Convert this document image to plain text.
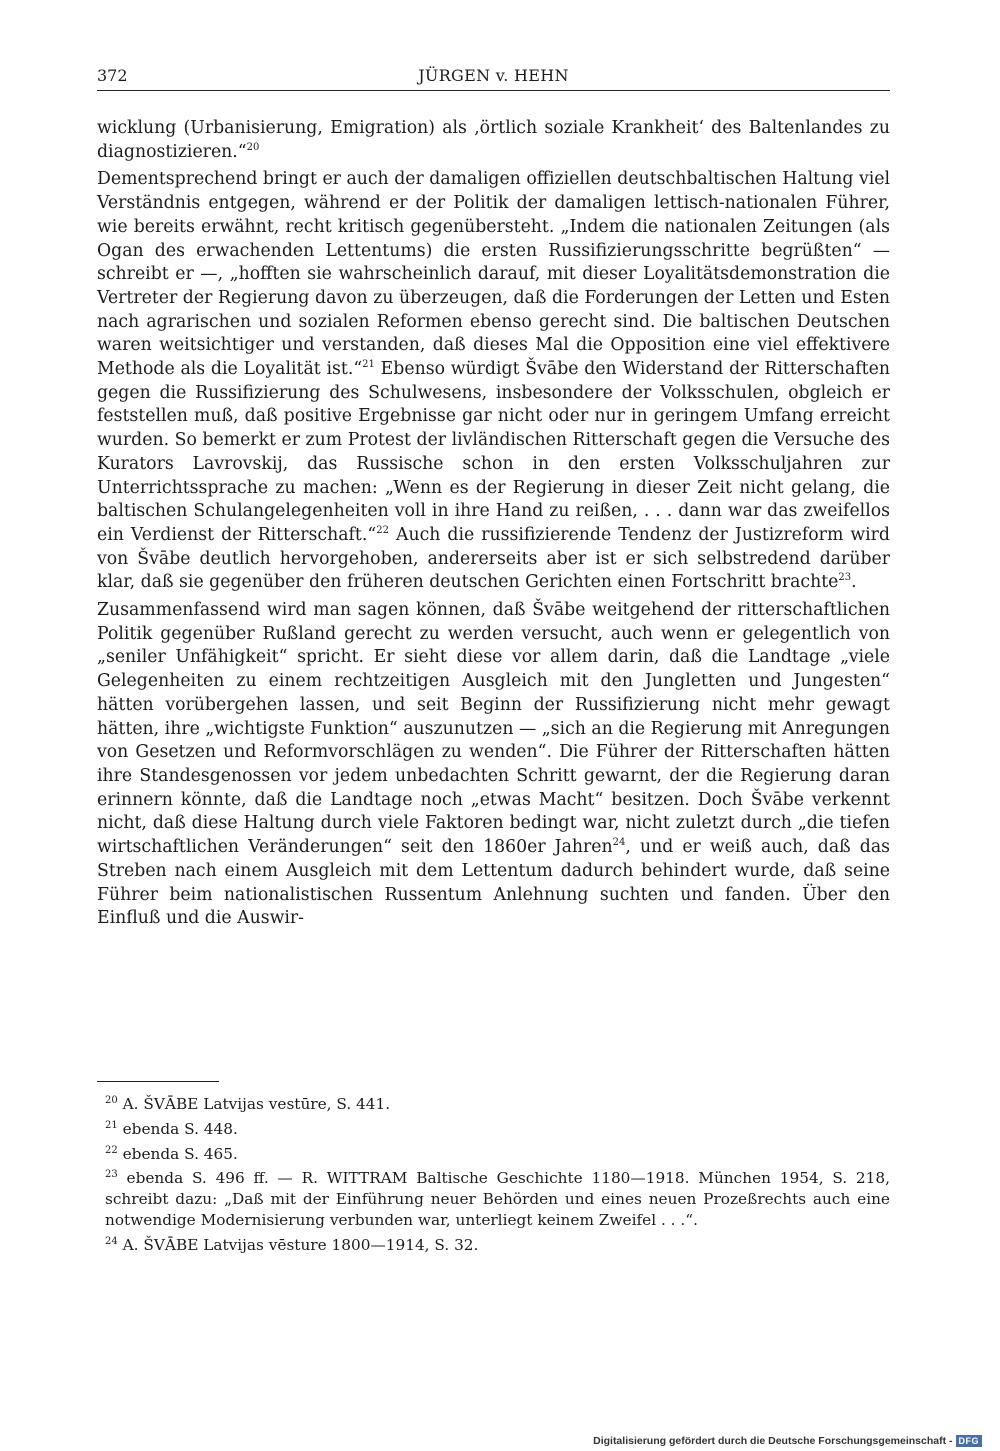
372	JÜRGEN v. HEHN

wicklung (Urbanisierung, Emigration) als ‚örtlich soziale Krankheit‘ des Baltenlandes zu diagnostizieren.“$^{20}$

Dementsprechend bringt er auch der damaligen offiziellen deutschbaltischen Haltung viel Verständnis entgegen, während er der Politik der damaligen lettisch-nationalen Führer, wie bereits erwähnt, recht kritisch gegenübersteht. „Indem die nationalen Zeitungen (als Ogan des erwachenden Lettentums) die ersten Russifizierungsschritte begrüßten“ — schreibt er —, „hofften sie wahrscheinlich darauf, mit dieser Loyalitätsdemonstration die Vertreter der Regierung davon zu überzeugen, daß die Forderungen der Letten und Esten nach agrarischen und sozialen Reformen ebenso gerecht sind. Die baltischen Deutschen waren weitsichtiger und verstanden, daß dieses Mal die Opposition eine viel effektivere Methode als die Loyalität ist.“$^{21}$ Ebenso würdigt Švābe den Widerstand der Ritterschaften gegen die Russifizierung des Schulwesens, insbesondere der Volksschulen, obgleich er feststellen muß, daß positive Ergebnisse gar nicht oder nur in geringem Umfang erreicht wurden. So bemerkt er zum Protest der livländischen Ritterschaft gegen die Versuche des Kurators Lavrovskij, das Russische schon in den ersten Volksschuljahren zur Unterrichtssprache zu machen: „Wenn es der Regierung in dieser Zeit nicht gelang, die baltischen Schulangelegenheiten voll in ihre Hand zu reißen, . . . dann war das zweifellos ein Verdienst der Ritterschaft.“$^{22}$ Auch die russifizierende Tendenz der Justizreform wird von Švābe deutlich hervorgehoben, andererseits aber ist er sich selbstredend darüber klar, daß sie gegenüber den früheren deutschen Gerichten einen Fortschritt brachte$^{23}$.

Zusammenfassend wird man sagen können, daß Švābe weitgehend der ritterschaftlichen Politik gegenüber Rußland gerecht zu werden versucht, auch wenn er gelegentlich von „seniler Unfähigkeit“ spricht. Er sieht diese vor allem darin, daß die Landtage „viele Gelegenheiten zu einem rechtzeitigen Ausgleich mit den Jungletten und Jungesten“ hätten vorübergehen lassen, und seit Beginn der Russifizierung nicht mehr gewagt hätten, ihre „wichtigste Funktion“ auszunutzen — „sich an die Regierung mit Anregungen von Gesetzen und Reformvorschlägen zu wenden“. Die Führer der Ritterschaften hätten ihre Standesgenossen vor jedem unbedachten Schritt gewarnt, der die Regierung daran erinnern könnte, daß die Landtage noch „etwas Macht“ besitzen. Doch Švābe verkennt nicht, daß diese Haltung durch viele Faktoren bedingt war, nicht zuletzt durch „die tiefen wirtschaftlichen Veränderungen“ seit den 1860er Jahren$^{24}$, und er weiß auch, daß das Streben nach einem Ausgleich mit dem Lettentum dadurch behindert wurde, daß seine Führer beim nationalistischen Russentum Anlehnung suchten und fanden. Über den Einfluß und die Auswir-

$^{20}$ A. ŠVĀBE Latvijas vestūre, S. 441.
$^{21}$ ebenda S. 448.
$^{22}$ ebenda S. 465.
$^{23}$ ebenda S. 496 ff. — R. WITTRAM Baltische Geschichte 1180—1918. München 1954, S. 218, schreibt dazu: „Daß mit der Einführung neuer Behörden und eines neuen Prozeßrechts auch eine notwendige Modernisierung verbunden war, unterliegt keinem Zweifel . . .“.
$^{24}$ A. ŠVĀBE Latvijas vēsture 1800—1914, S. 32.
Digitalisierung gefördert durch die Deutsche Forschungsgemeinschaft - DFG
